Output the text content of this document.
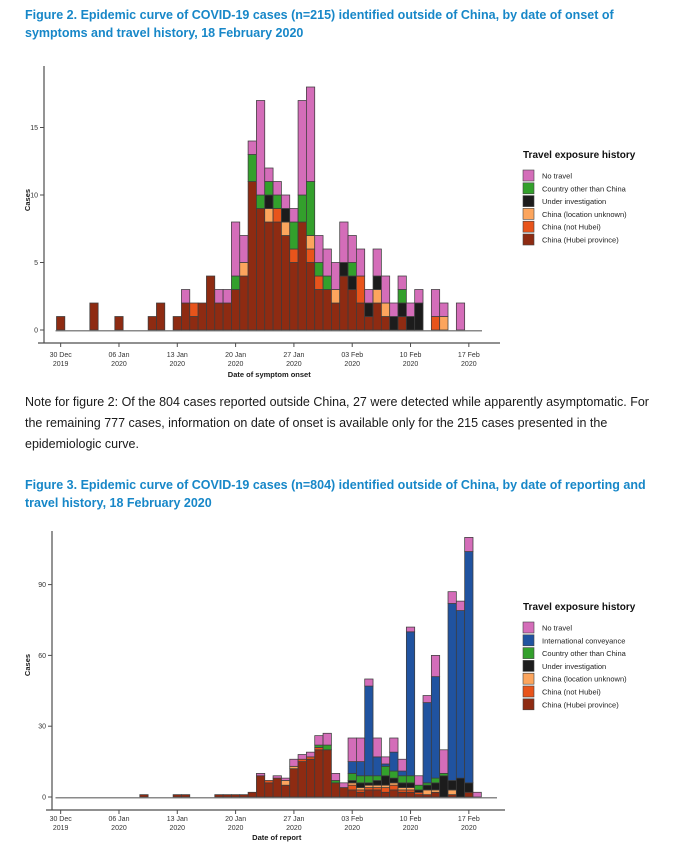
Figure 2. Epidemic curve of COVID-19 cases (n=215) identified outside of China, by date of onset of symptoms and travel history, 18 February 2020

0
5
10
15
30 Dec
2019
06 Jan
2020
13 Jan
2020
20 Jan
2020
27 Jan
2020
03 Feb
2020
10 Feb
2020
17 Feb
2020
Date of symptom onset
Cases
Travel exposure history
No travel
Country other than China
Under investigation
China (location unknown)
China (not Hubei)
China (Hubei province)

Note for figure 2: Of the 804 cases reported outside China, 27 were detected while apparently asymptomatic. For the remaining 777 cases, information on date of onset is available only for the 215 cases presented in the epidemiologic curve.

Figure 3. Epidemic curve of COVID-19 cases (n=804) identified outside of China, by date of reporting and travel history, 18 February 2020

0
30
60
90
30 Dec
2019
06 Jan
2020
13 Jan
2020
20 Jan
2020
27 Jan
2020
03 Feb
2020
10 Feb
2020
17 Feb
2020
Date of report
Cases
Travel exposure history
No travel
International conveyance
Country other than China
Under investigation
China (location unknown)
China (not Hubei)
China (Hubei province)
